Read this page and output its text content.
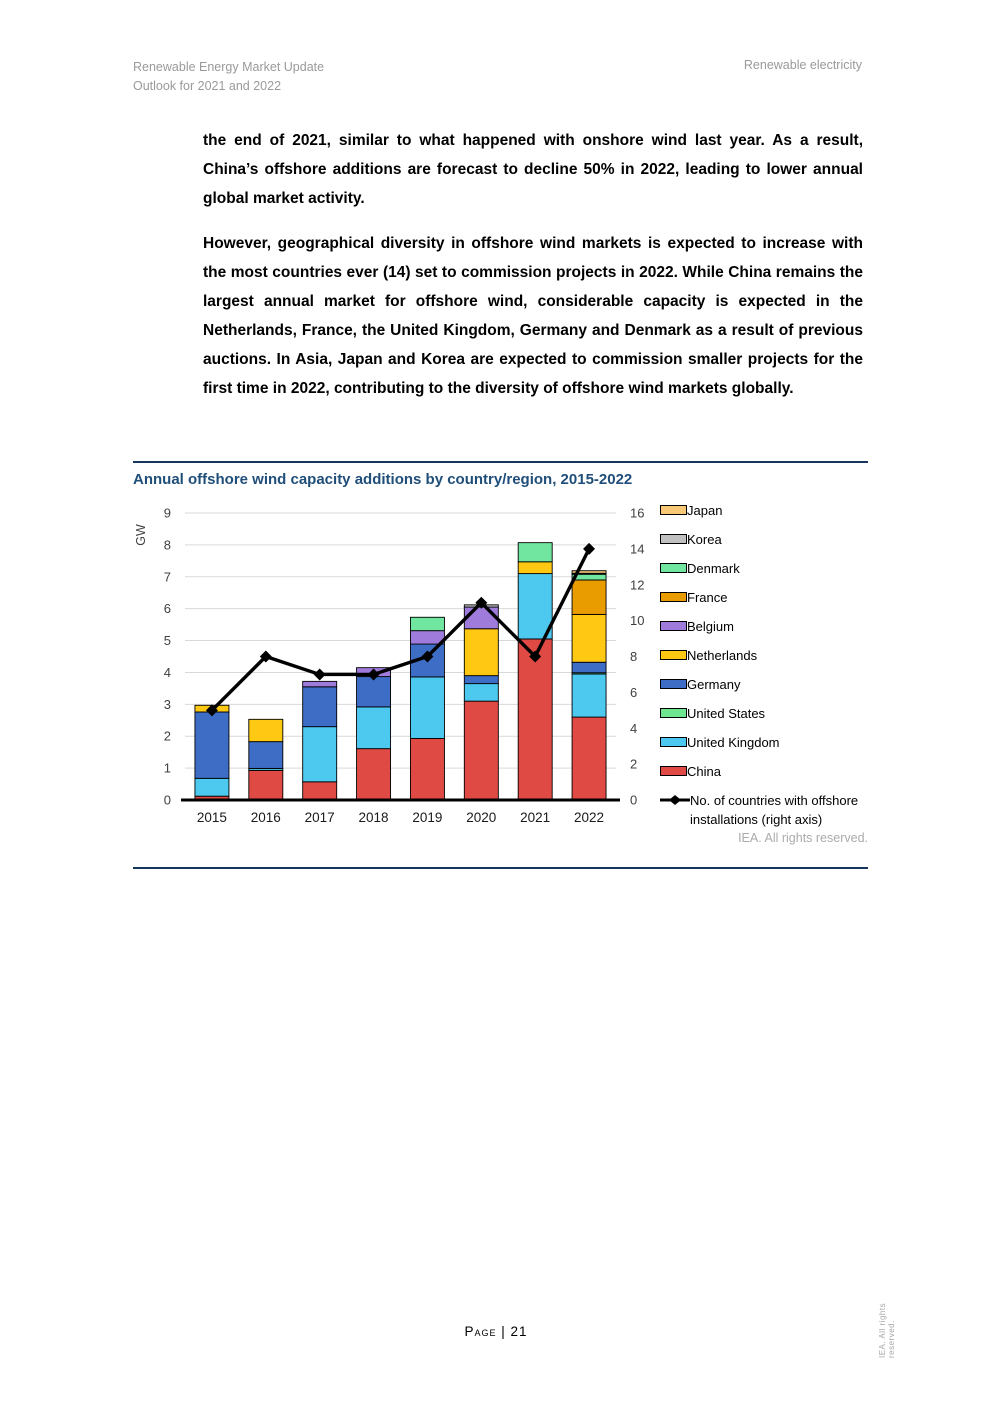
Renewable Energy Market Update
Outlook for 2021 and 2022
Renewable electricity

the end of 2021, similar to what happened with onshore wind last year. As a result, China’s offshore additions are forecast to decline 50% in 2022, leading to lower annual global market activity.

However, geographical diversity in offshore wind markets is expected to increase with the most countries ever (14) set to commission projects in 2022. While China remains the largest annual market for offshore wind, considerable capacity is expected in the Netherlands, France, the United Kingdom, Germany and Denmark as a result of previous auctions. In Asia, Japan and Korea are expected to commission smaller projects for the first time in 2022, contributing to the diversity of offshore wind markets globally.

Annual offshore wind capacity additions by country/region, 2015-2022
0
1
2
3
4
5
6
7
8
9
0
2
4
6
8
10
12
14
16
GW
2015 2016 2017 2018 2019 2020 2021 2022
Japan
Korea
Denmark
France
Belgium
Netherlands
Germany
United States
United Kingdom
China
No. of countries with offshore installations (right axis)
IEA. All rights reserved.
Page | 21	IEA. All rights reserved.
